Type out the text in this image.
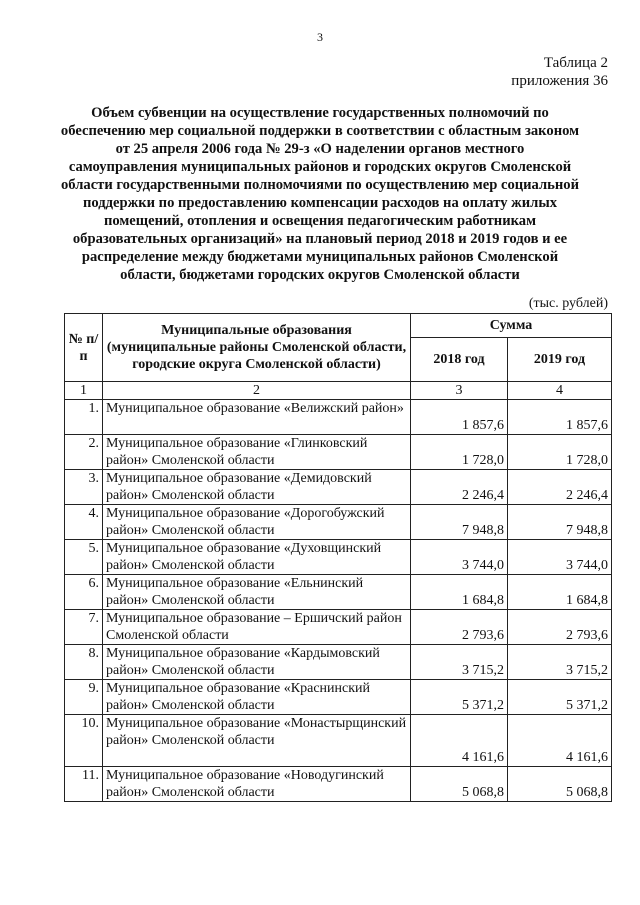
3
Таблица 2
приложения 36
Объем субвенции на осуществление государственных полномочий по обеспечению мер социальной поддержки в соответствии с областным законом от 25 апреля 2006 года № 29-з «О наделении органов местного самоуправления муниципальных районов и городских округов Смоленской области государственными полномочиями по осуществлению мер социальной поддержки по предоставлению компенсации расходов на оплату жилых помещений, отопления и освещения педагогическим работникам образовательных организаций» на плановый период 2018 и 2019 годов и ее распределение между бюджетами муниципальных районов Смоленской области, бюджетами городских округов Смоленской области
(тыс. рублей)
№ п/п	Муниципальные образования (муниципальные районы Смоленской области, городские округа Смоленской области)	Сумма	
		2018 год	2019 год
1	2	3	4
1.	Муниципальное образование «Велижский район»	1 857,6	1 857,6
2.	Муниципальное образование «Глинковский район» Смоленской области	1 728,0	1 728,0
3.	Муниципальное образование «Демидовский район» Смоленской области	2 246,4	2 246,4
4.	Муниципальное образование «Дорогобужский район» Смоленской области	7 948,8	7 948,8
5.	Муниципальное образование «Духовщинский район» Смоленской области	3 744,0	3 744,0
6.	Муниципальное образование «Ельнинский район» Смоленской области	1 684,8	1 684,8
7.	Муниципальное образование – Ершичский район Смоленской области	2 793,6	2 793,6
8.	Муниципальное образование «Кардымовский район» Смоленской области	3 715,2	3 715,2
9.	Муниципальное образование «Краснинский район» Смоленской области	5 371,2	5 371,2
10.	Муниципальное образование «Монастырщинский район» Смоленской области	4 161,6	4 161,6
11.	Муниципальное образование «Новодугинский район» Смоленской области	5 068,8	5 068,8
